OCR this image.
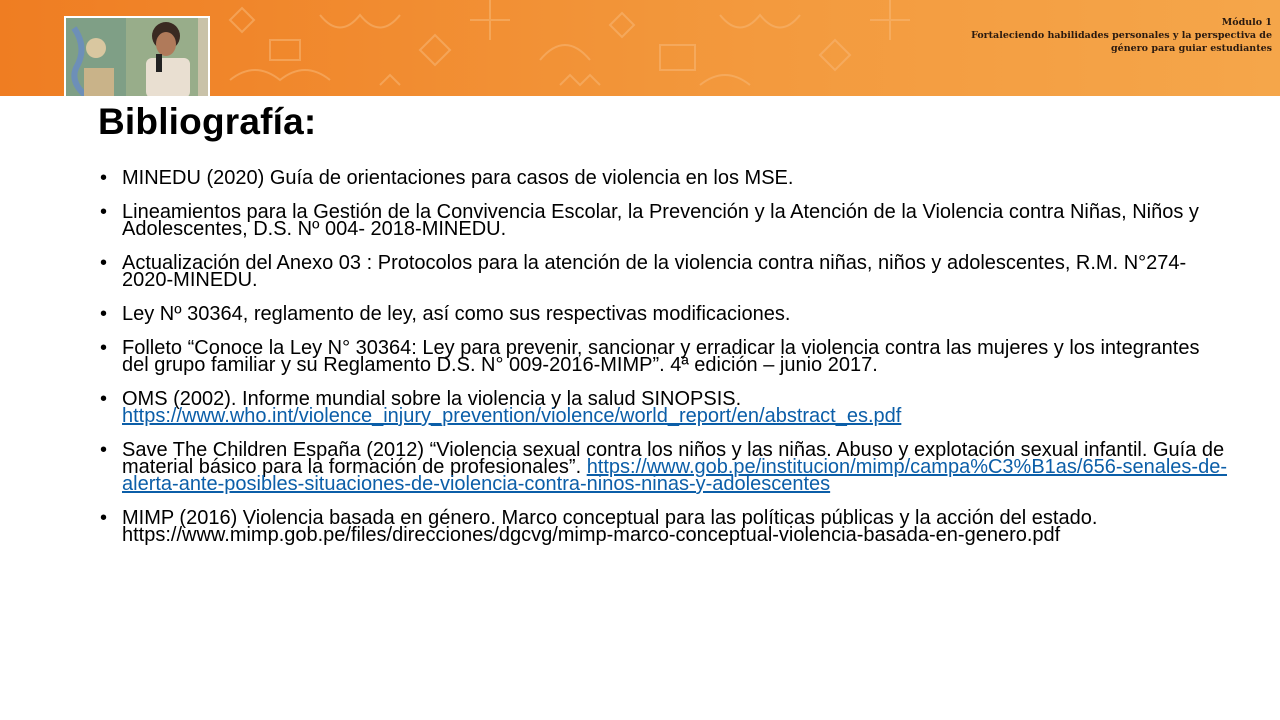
Módulo 1
Fortaleciendo habilidades personales y la perspectiva de
género para guiar estudiantes
Bibliografía:
• MINEDU (2020) Guía de orientaciones para casos de violencia en los MSE.
• Lineamientos para la Gestión de la Convivencia Escolar, la Prevención y la Atención de la Violencia contra Niñas, Niños y Adolescentes, D.S. Nº 004- 2018-MINEDU.
• Actualización del Anexo 03 : Protocolos para la atención de la violencia contra niñas, niños y adolescentes, R.M. N°274-2020-MINEDU.
• Ley Nº 30364, reglamento de ley, así como sus respectivas modificaciones.
• Folleto “Conoce la Ley N° 30364: Ley para prevenir, sancionar y erradicar la violencia contra las mujeres y los integrantes del grupo familiar y su Reglamento D.S. N° 009-2016-MIMP”. 4ª edición – junio 2017.
• OMS (2002). Informe mundial sobre la violencia y la salud SINOPSIS. https://www.who.int/violence_injury_prevention/violence/world_report/en/abstract_es.pdf
• Save The Children España (2012) “Violencia sexual contra los niños y las niñas. Abuso y explotación sexual infantil. Guía de material básico para la formación de profesionales”. https://www.gob.pe/institucion/mimp/campa%C3%B1as/656-senales-de-alerta-ante-posibles-situaciones-de-violencia-contra-ninos-ninas-y-adolescentes
• MIMP (2016) Violencia basada en género. Marco conceptual para las políticas públicas y la acción del estado. https://www.mimp.gob.pe/files/direcciones/dgcvg/mimp-marco-conceptual-violencia-basada-en-genero.pdf
